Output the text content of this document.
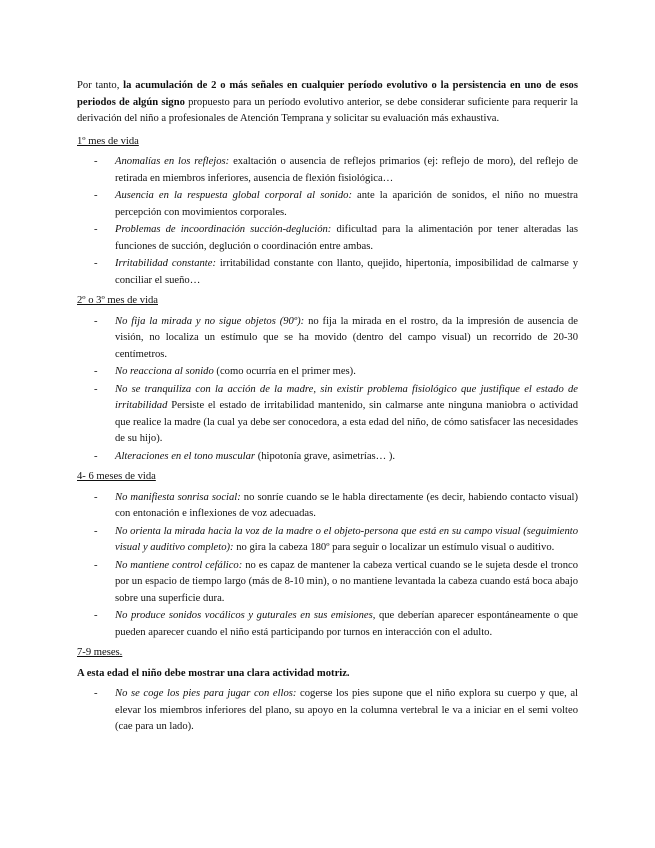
Por tanto, la acumulación de 2 o más señales en cualquier período evolutivo o la persistencia en uno de esos periodos de algún signo propuesto para un período evolutivo anterior, se debe considerar suficiente para requerir la derivación del niño a profesionales de Atención Temprana y solicitar su evaluación más exhaustiva.

1º mes de vida

- Anomalías en los reflejos: exaltación o ausencia de reflejos primarios (ej: reflejo de moro), del reflejo de retirada en miembros inferiores, ausencia de flexión fisiológica…
- Ausencia en la respuesta global corporal al sonido: ante la aparición de sonidos, el niño no muestra percepción con movimientos corporales.
- Problemas de incoordinación succión-deglución: dificultad para la alimentación por tener alteradas las funciones de succión, deglución o coordinación entre ambas.
- Irritabilidad constante: irritabilidad constante con llanto, quejido, hipertonía, imposibilidad de calmarse y conciliar el sueño…

2º o 3º mes de vida

- No fija la mirada y no sigue objetos (90º): no fija la mirada en el rostro, da la impresión de ausencia de visión, no localiza un estímulo que se ha movido (dentro del campo visual) un recorrido de 20-30 centímetros.
- No reacciona al sonido (como ocurría en el primer mes).
- No se tranquiliza con la acción de la madre, sin existir problema fisiológico que justifique el estado de irritabilidad Persiste el estado de irritabilidad mantenido, sin calmarse ante ninguna maniobra o actividad que realice la madre (la cual ya debe ser conocedora, a esta edad del niño, de cómo satisfacer las necesidades de su hijo).
- Alteraciones en el tono muscular (hipotonía grave, asimetrías… ).

4- 6 meses de vida

- No manifiesta sonrisa social: no sonríe cuando se le habla directamente (es decir, habiendo contacto visual) con entonación e inflexiones de voz adecuadas.
- No orienta la mirada hacia la voz de la madre o el objeto-persona que está en su campo visual (seguimiento visual y auditivo completo): no gira la cabeza 180º para seguir o localizar un estímulo visual o auditivo.
- No mantiene control cefálico: no es capaz de mantener la cabeza vertical cuando se le sujeta desde el tronco por un espacio de tiempo largo (más de 8-10 min), o no mantiene levantada la cabeza cuando está boca abajo sobre una superficie dura.
- No produce sonidos vocálicos y guturales en sus emisiones, que deberían aparecer espontáneamente o que pueden aparecer cuando el niño está participando por turnos en interacción con el adulto.

7-9 meses.

A esta edad el niño debe mostrar una clara actividad motriz.

- No se coge los pies para jugar con ellos: cogerse los pies supone que el niño explora su cuerpo y que, al elevar los miembros inferiores del plano, su apoyo en la columna vertebral le va a iniciar en el semi volteo (cae para un lado).
